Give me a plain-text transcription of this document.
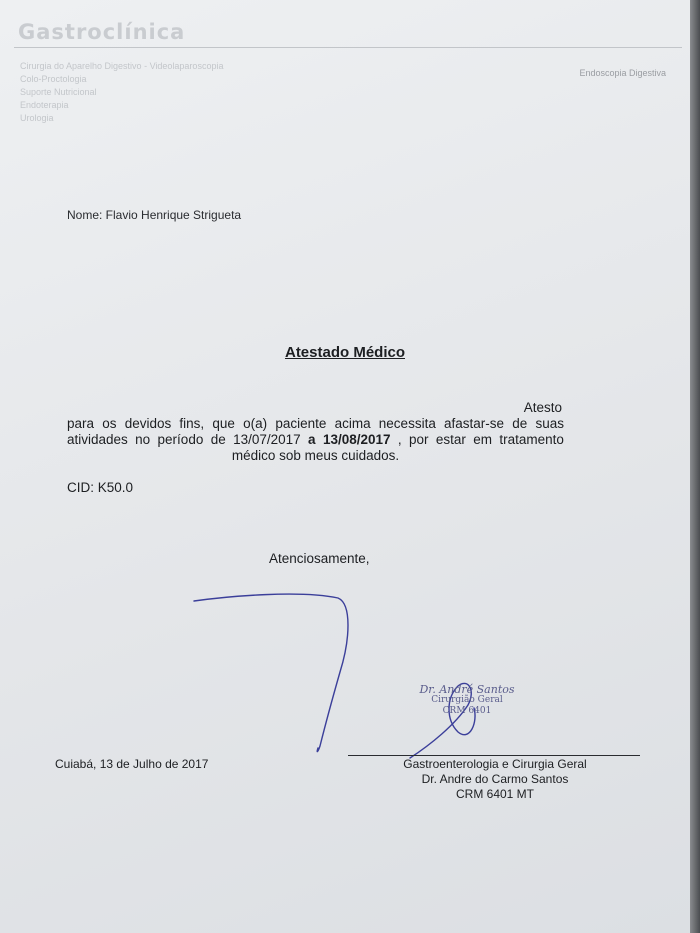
Gastroclínica
Cirurgia do Aparelho Digestivo - Videolaparoscopia
Colo-Proctologia
Suporte Nutricional
Endoterapia
Urologia
Endoscopia Digestiva
Nome: Flavio Henrique Strigueta
Atestado Médico
Atesto
para os devidos fins, que o(a) paciente acima necessita afastar-se de suas
atividades no período de 13/07/2017 a 13/08/2017 , por estar em tratamento
médico sob meus cuidados.
CID: K50.0
Atenciosamente,
Dr. André Santos
Cirurgião Geral
CRM 6401
Cuiabá, 13 de Julho de 2017	Gastroenterologia e Cirurgia Geral
Dr. Andre do Carmo Santos
CRM 6401 MT
